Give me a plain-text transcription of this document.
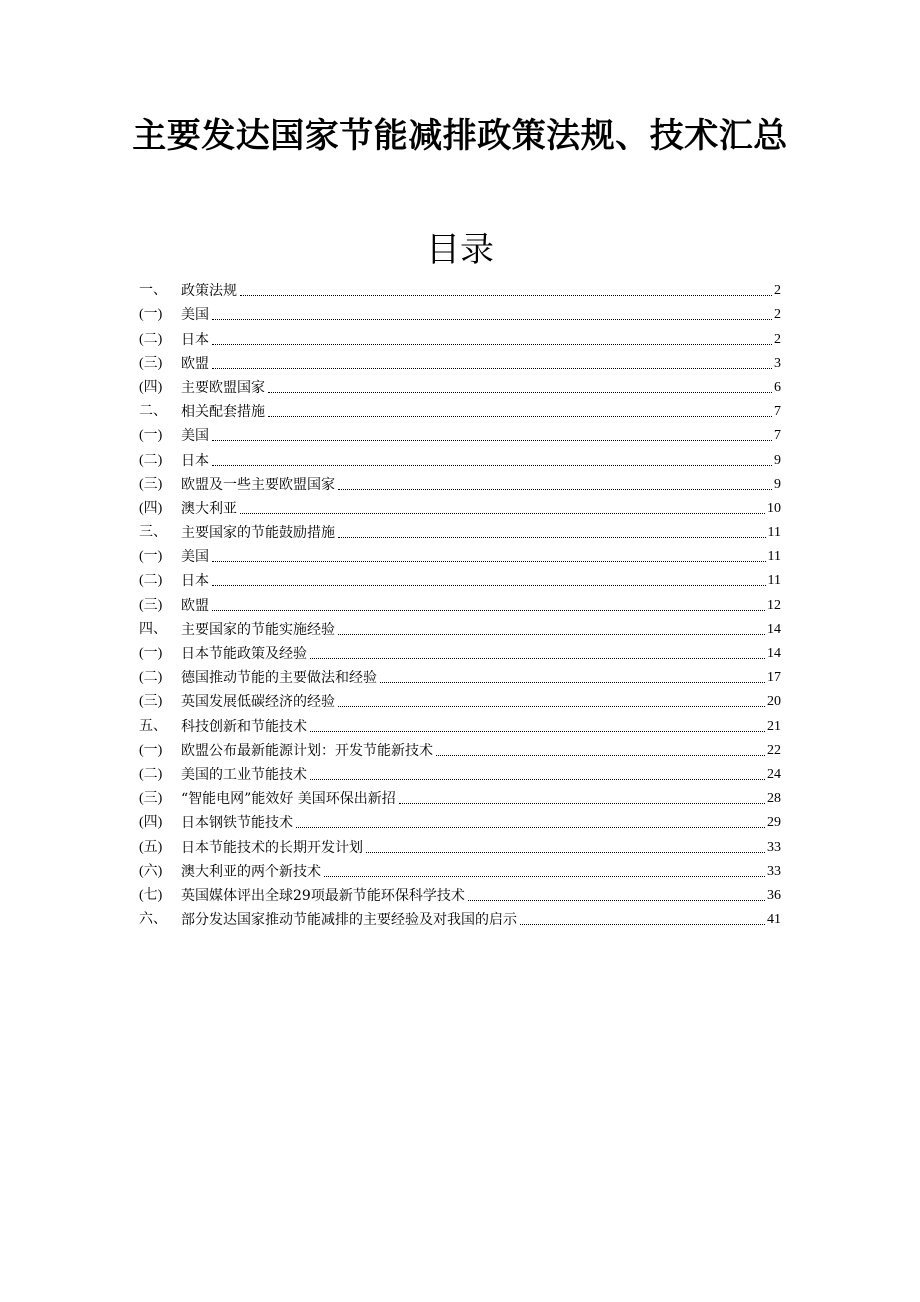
主要发达国家节能减排政策法规、技术汇总
目录
一、	政策法规	2
(一)	美国	2
(二)	日本	2
(三)	欧盟	3
(四)	主要欧盟国家	6
二、	相关配套措施	7
(一)	美国	7
(二)	日本	9
(三)	欧盟及一些主要欧盟国家	9
(四)	澳大利亚	10
三、	主要国家的节能鼓励措施	11
(一)	美国	11
(二)	日本	11
(三)	欧盟	12
四、	主要国家的节能实施经验	14
(一)	日本节能政策及经验	14
(二)	德国推动节能的主要做法和经验	17
(三)	英国发展低碳经济的经验	20
五、	科技创新和节能技术	21
(一)	欧盟公布最新能源计划：开发节能新技术	22
(二)	美国的工业节能技术	24
(三)	“智能电网”能效好 美国环保出新招	28
(四)	日本钢铁节能技术	29
(五)	日本节能技术的长期开发计划	33
(六)	澳大利亚的两个新技术	33
(七)	英国媒体评出全球29项最新节能环保科学技术	36
六、	部分发达国家推动节能减排的主要经验及对我国的启示	41
